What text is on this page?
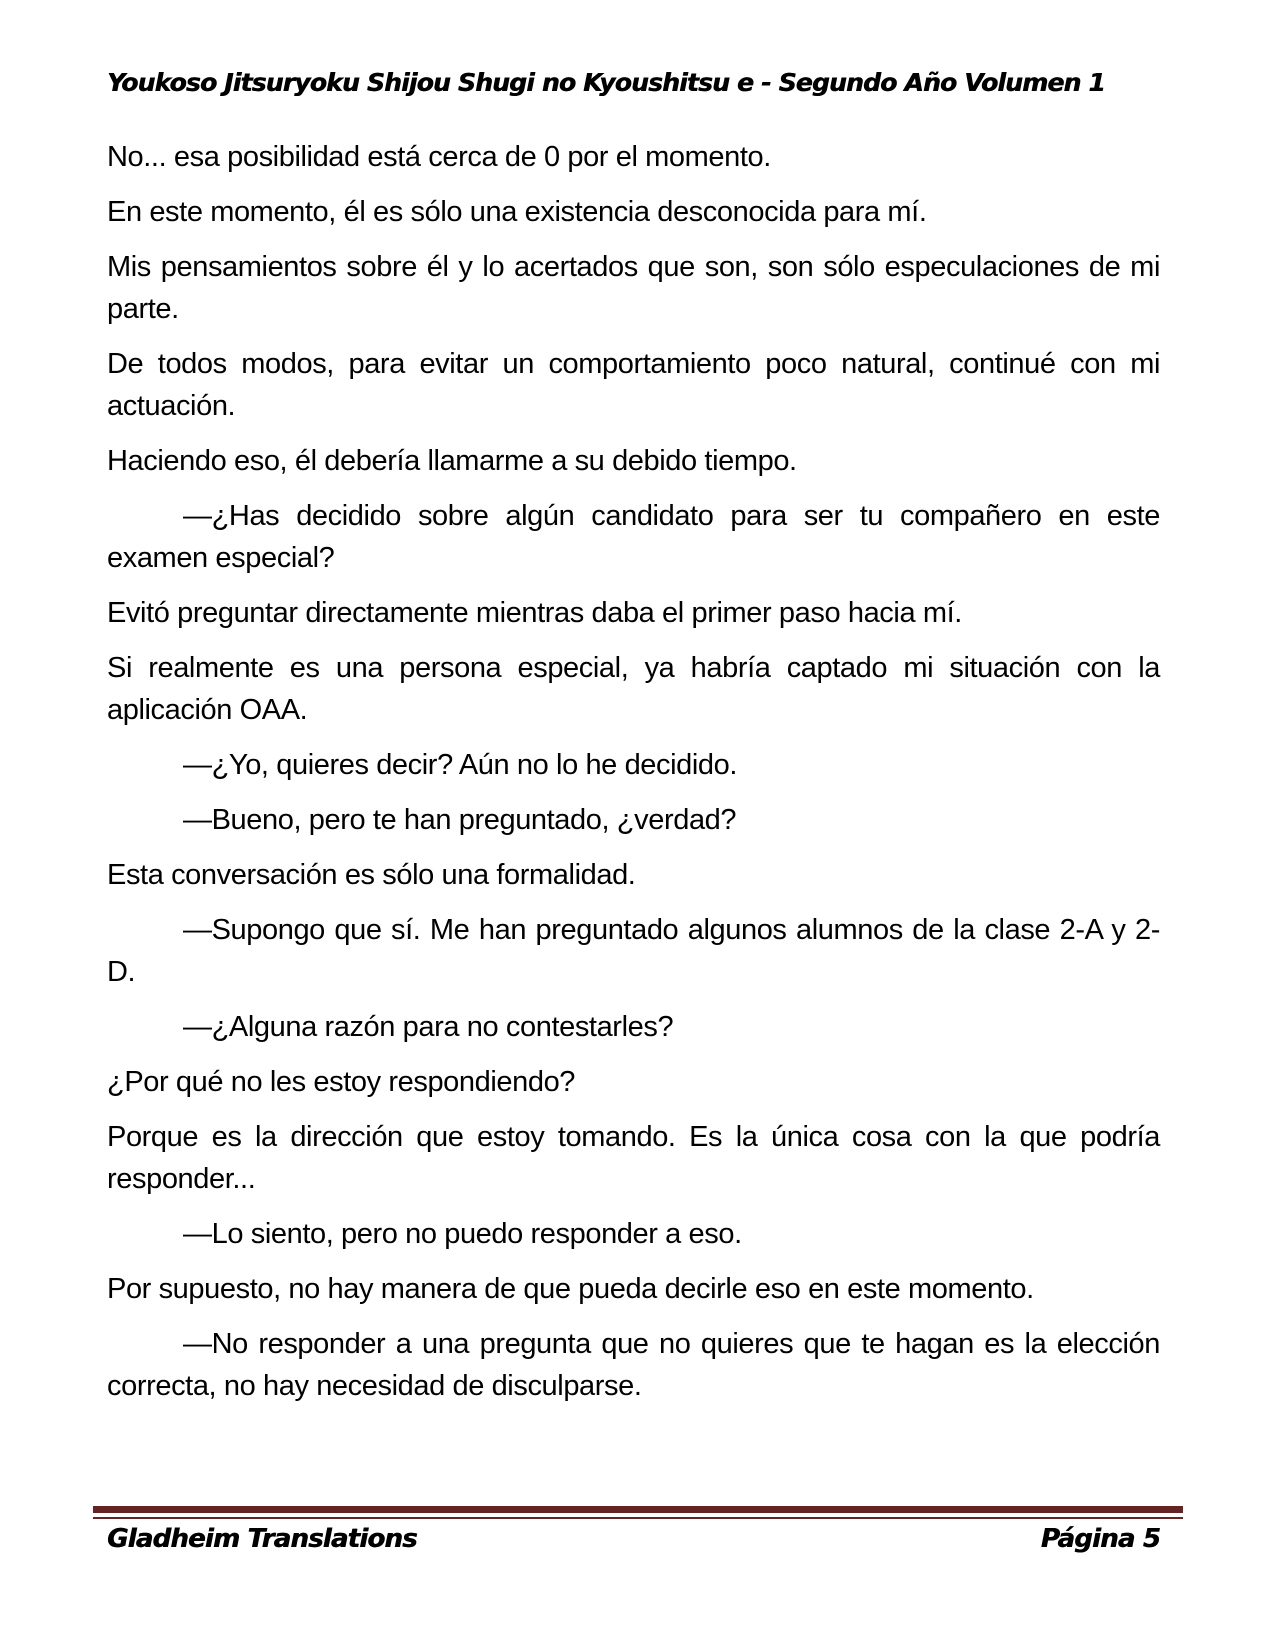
Youkoso Jitsuryoku Shijou Shugi no Kyoushitsu e - Segundo Año Volumen 1

No... esa posibilidad está cerca de 0 por el momento.

En este momento, él es sólo una existencia desconocida para mí.

Mis pensamientos sobre él y lo acertados que son, son sólo especulaciones de mi parte.

De todos modos, para evitar un comportamiento poco natural, continué con mi actuación.

Haciendo eso, él debería llamarme a su debido tiempo.

—¿Has decidido sobre algún candidato para ser tu compañero en este examen especial?

Evitó preguntar directamente mientras daba el primer paso hacia mí.

Si realmente es una persona especial, ya habría captado mi situación con la aplicación OAA.

—¿Yo, quieres decir? Aún no lo he decidido.

—Bueno, pero te han preguntado, ¿verdad?

Esta conversación es sólo una formalidad.

—Supongo que sí. Me han preguntado algunos alumnos de la clase 2-A y 2-D.

—¿Alguna razón para no contestarles?

¿Por qué no les estoy respondiendo?

Porque es la dirección que estoy tomando. Es la única cosa con la que podría responder...

—Lo siento, pero no puedo responder a eso.

Por supuesto, no hay manera de que pueda decirle eso en este momento.

—No responder a una pregunta que no quieres que te hagan es la elección correcta, no hay necesidad de disculparse.

Gladheim Translations	Página 5
